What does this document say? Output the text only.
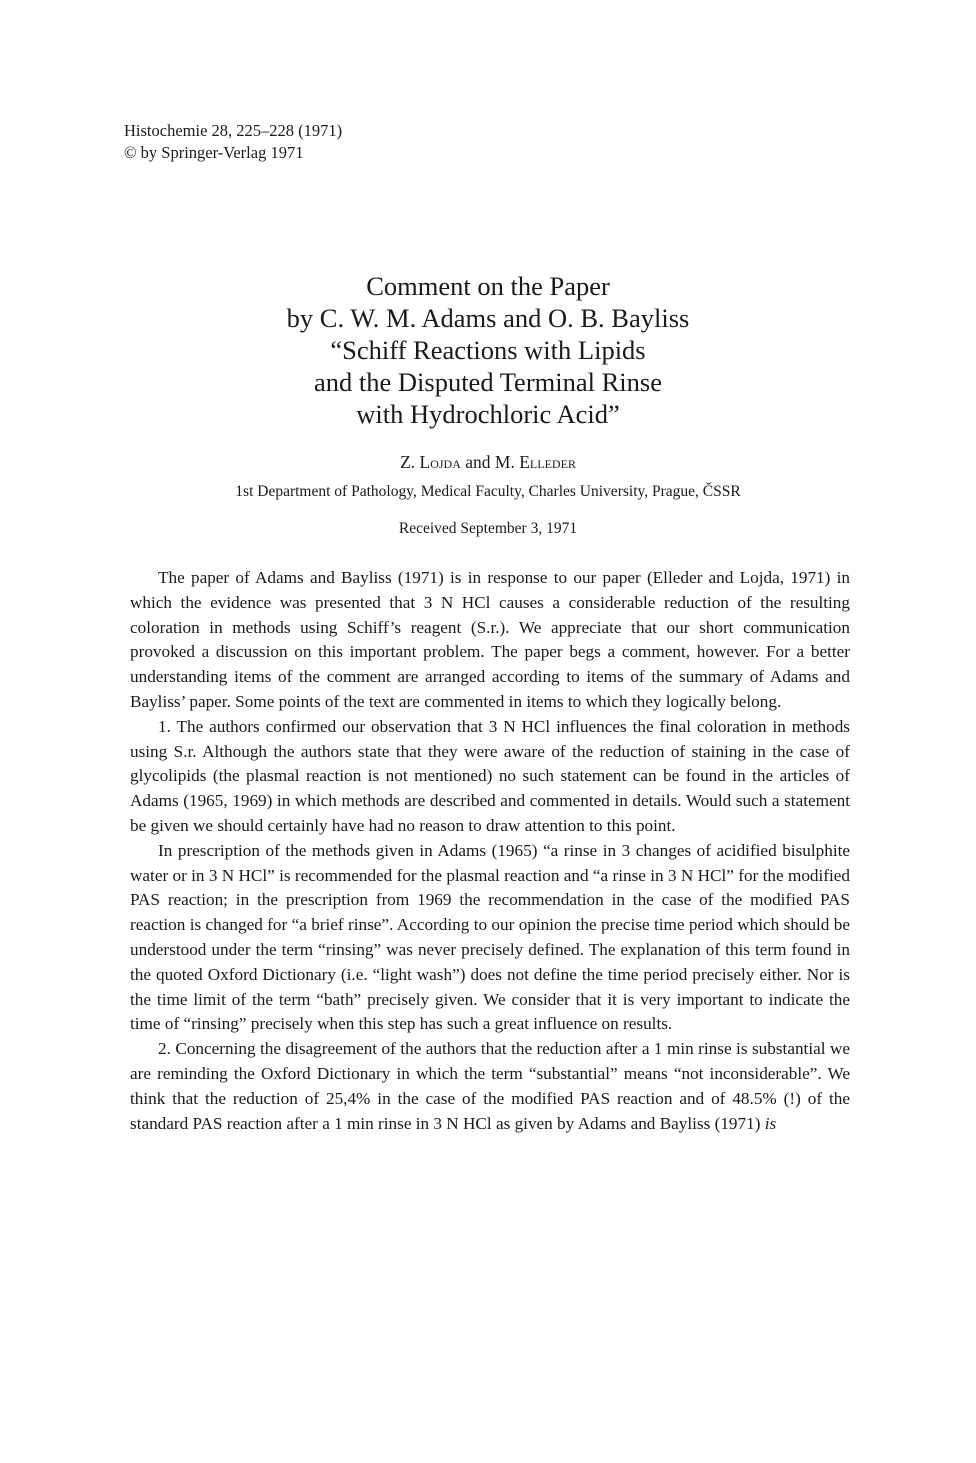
Histochemie 28, 225–228 (1971)
© by Springer-Verlag 1971
Comment on the Paper
by C. W. M. Adams and O. B. Bayliss
“Schiff Reactions with Lipids
and the Disputed Terminal Rinse
with Hydrochloric Acid”
Z. Lojda and M. Elleder
1st Department of Pathology, Medical Faculty, Charles University, Prague, ČSSR
Received September 3, 1971

The paper of Adams and Bayliss (1971) is in response to our paper (Elleder and Lojda, 1971) in which the evidence was presented that 3 N HCl causes a considerable reduction of the resulting coloration in methods using Schiff’s reagent (S.r.). We appreciate that our short communication provoked a discussion on this important problem. The paper begs a comment, however. For a better understanding items of the comment are arranged according to items of the summary of Adams and Bayliss’ paper. Some points of the text are commented in items to which they logically belong.

1. The authors confirmed our observation that 3 N HCl influences the final coloration in methods using S.r. Although the authors state that they were aware of the reduction of staining in the case of glycolipids (the plasmal reaction is not mentioned) no such statement can be found in the articles of Adams (1965, 1969) in which methods are described and commented in details. Would such a statement be given we should certainly have had no reason to draw attention to this point.

In prescription of the methods given in Adams (1965) “a rinse in 3 changes of acidified bisulphite water or in 3 N HCl” is recommended for the plasmal reaction and “a rinse in 3 N HCl” for the modified PAS reaction; in the prescription from 1969 the recommendation in the case of the modified PAS reaction is changed for “a brief rinse”. According to our opinion the precise time period which should be understood under the term “rinsing” was never precisely defined. The explanation of this term found in the quoted Oxford Dictionary (i.e. “light wash”) does not define the time period precisely either. Nor is the time limit of the term “bath” precisely given. We consider that it is very important to indicate the time of “rinsing” precisely when this step has such a great influence on results.

2. Concerning the disagreement of the authors that the reduction after a 1 min rinse is substantial we are reminding the Oxford Dictionary in which the term “substantial” means “not inconsiderable”. We think that the reduction of 25,4% in the case of the modified PAS reaction and of 48.5% (!) of the standard PAS reaction after a 1 min rinse in 3 N HCl as given by Adams and Bayliss (1971) is
